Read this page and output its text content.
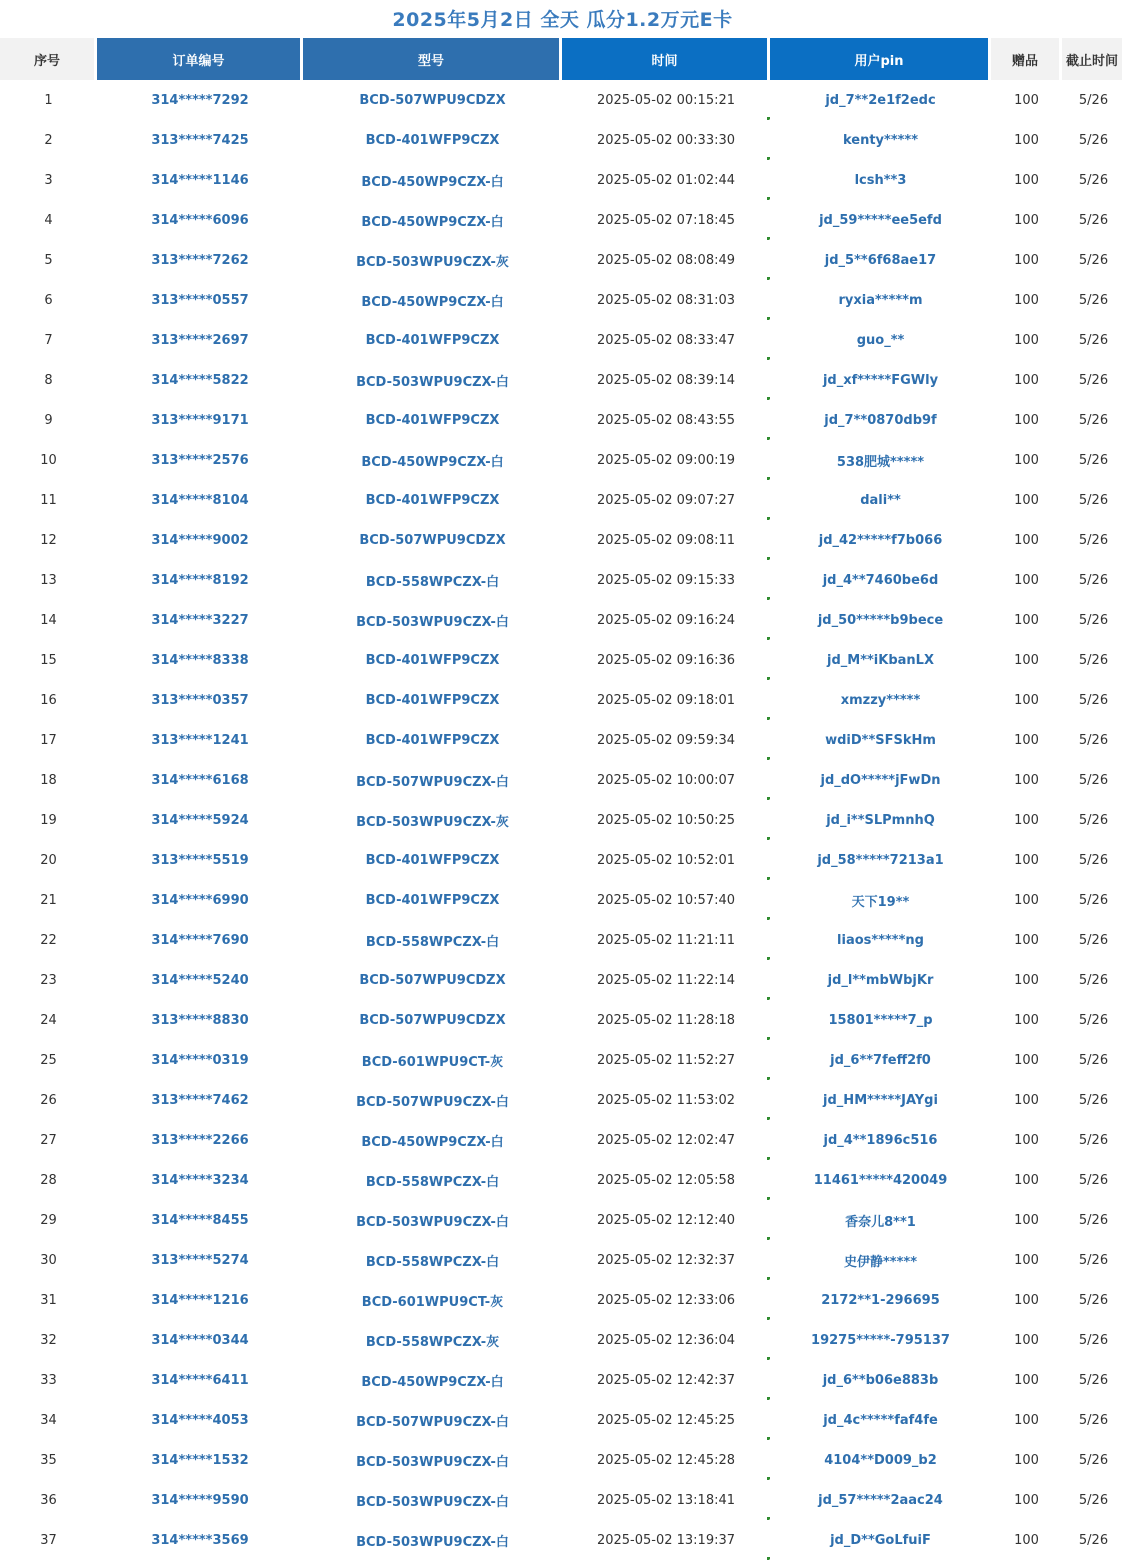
2025年5月2日 全天 瓜分1.2万元E卡
序号	订单编号	型号	时间	用户pin	赠品	截止时间
1	314*****7292	BCD-507WPU9CDZX	2025-05-02 00:15:21	jd_7**2e1f2edc	100	5/26
2	313*****7425	BCD-401WFP9CZX	2025-05-02 00:33:30	kenty*****	100	5/26
3	314*****1146	BCD-450WP9CZX-白	2025-05-02 01:02:44	lcsh**3	100	5/26
4	314*****6096	BCD-450WP9CZX-白	2025-05-02 07:18:45	jd_59*****ee5efd	100	5/26
5	313*****7262	BCD-503WPU9CZX-灰	2025-05-02 08:08:49	jd_5**6f68ae17	100	5/26
6	313*****0557	BCD-450WP9CZX-白	2025-05-02 08:31:03	ryxia*****m	100	5/26
7	313*****2697	BCD-401WFP9CZX	2025-05-02 08:33:47	guo_**	100	5/26
8	314*****5822	BCD-503WPU9CZX-白	2025-05-02 08:39:14	jd_xf*****FGWly	100	5/26
9	313*****9171	BCD-401WFP9CZX	2025-05-02 08:43:55	jd_7**0870db9f	100	5/26
10	313*****2576	BCD-450WP9CZX-白	2025-05-02 09:00:19	538肥城*****	100	5/26
11	314*****8104	BCD-401WFP9CZX	2025-05-02 09:07:27	dali**	100	5/26
12	314*****9002	BCD-507WPU9CDZX	2025-05-02 09:08:11	jd_42*****f7b066	100	5/26
13	314*****8192	BCD-558WPCZX-白	2025-05-02 09:15:33	jd_4**7460be6d	100	5/26
14	314*****3227	BCD-503WPU9CZX-白	2025-05-02 09:16:24	jd_50*****b9bece	100	5/26
15	314*****8338	BCD-401WFP9CZX	2025-05-02 09:16:36	jd_M**iKbanLX	100	5/26
16	313*****0357	BCD-401WFP9CZX	2025-05-02 09:18:01	xmzzy*****	100	5/26
17	313*****1241	BCD-401WFP9CZX	2025-05-02 09:59:34	wdiD**SFSkHm	100	5/26
18	314*****6168	BCD-507WPU9CZX-白	2025-05-02 10:00:07	jd_dO*****jFwDn	100	5/26
19	314*****5924	BCD-503WPU9CZX-灰	2025-05-02 10:50:25	jd_i**SLPmnhQ	100	5/26
20	313*****5519	BCD-401WFP9CZX	2025-05-02 10:52:01	jd_58*****7213a1	100	5/26
21	314*****6990	BCD-401WFP9CZX	2025-05-02 10:57:40	天下19**	100	5/26
22	314*****7690	BCD-558WPCZX-白	2025-05-02 11:21:11	liaos*****ng	100	5/26
23	314*****5240	BCD-507WPU9CDZX	2025-05-02 11:22:14	jd_l**mbWbjKr	100	5/26
24	313*****8830	BCD-507WPU9CDZX	2025-05-02 11:28:18	15801*****7_p	100	5/26
25	314*****0319	BCD-601WPU9CT-灰	2025-05-02 11:52:27	jd_6**7feff2f0	100	5/26
26	313*****7462	BCD-507WPU9CZX-白	2025-05-02 11:53:02	jd_HM*****JAYgi	100	5/26
27	313*****2266	BCD-450WP9CZX-白	2025-05-02 12:02:47	jd_4**1896c516	100	5/26
28	314*****3234	BCD-558WPCZX-白	2025-05-02 12:05:58	11461*****420049	100	5/26
29	314*****8455	BCD-503WPU9CZX-白	2025-05-02 12:12:40	香奈儿8**1	100	5/26
30	313*****5274	BCD-558WPCZX-白	2025-05-02 12:32:37	史伊静*****	100	5/26
31	314*****1216	BCD-601WPU9CT-灰	2025-05-02 12:33:06	2172**1-296695	100	5/26
32	314*****0344	BCD-558WPCZX-灰	2025-05-02 12:36:04	19275*****-795137	100	5/26
33	314*****6411	BCD-450WP9CZX-白	2025-05-02 12:42:37	jd_6**b06e883b	100	5/26
34	314*****4053	BCD-507WPU9CZX-白	2025-05-02 12:45:25	jd_4c*****faf4fe	100	5/26
35	314*****1532	BCD-503WPU9CZX-白	2025-05-02 12:45:28	4104**D009_b2	100	5/26
36	314*****9590	BCD-503WPU9CZX-白	2025-05-02 13:18:41	jd_57*****2aac24	100	5/26
37	314*****3569	BCD-503WPU9CZX-白	2025-05-02 13:19:37	jd_D**GoLfuiF	100	5/26
